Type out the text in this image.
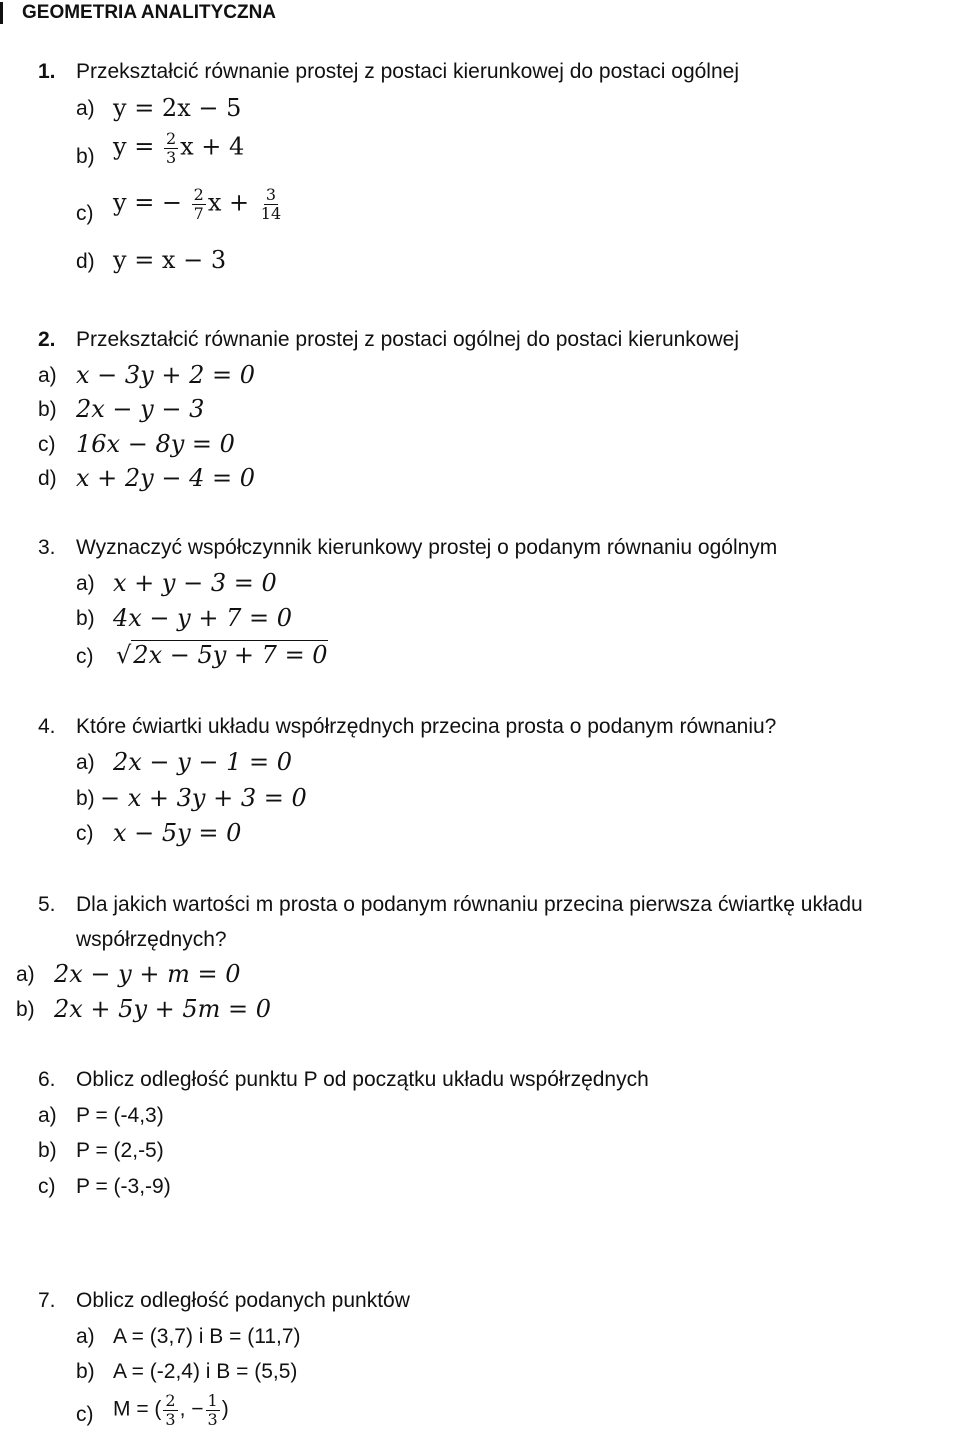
GEOMETRIA ANALITYCZNA
1. Przekształcić równanie prostej z postaci kierunkowej do postaci ogólnej
a) y = 2x − 5
b) $y = \frac{2}{3}$ x + 4
c) y = − $\frac{2}{7}$ $x + \frac{3}{14}$
d) y = x − 3
2. Przekształcić równanie prostej z postaci ogólnej do postaci kierunkowej
a) x − 3y + 2 = 0
b) 2x − y − 3
c) 16x − 8y = 0
d) x + 2y − 4 = 0
3. Wyznaczyć współczynnik kierunkowy prostej o podanym równaniu ogólnym
a) x + y − 3 = 0
b) 4x − y + 7 = 0
c) √2x − 5y + 7 = 0
4. Które ćwiartki układu współrzędnych przecina prosta o podanym równaniu?
a) 2x − y − 1 = 0
b) − x + 3y + 3 = 0
c) x − 5y = 0
5. Dla jakich wartości m prosta o podanym równaniu przecina pierwsza ćwiartkę układu
współrzędnych?
a) 2x − y + m = 0
b) 2x + 5y + 5m = 0
6. Oblicz odległość punktu P od początku układu współrzędnych
a) P = (-4,3)
b) P = (2,-5)
c) P = (-3,-9)
7. Oblicz odległość podanych punktów
a) A = (3,7) i B = (11,7)
b) A = (-2,4) i B = (5,5)
c) M = ( $\frac{2}{3}$ , − $\frac{1}{3}$ )
